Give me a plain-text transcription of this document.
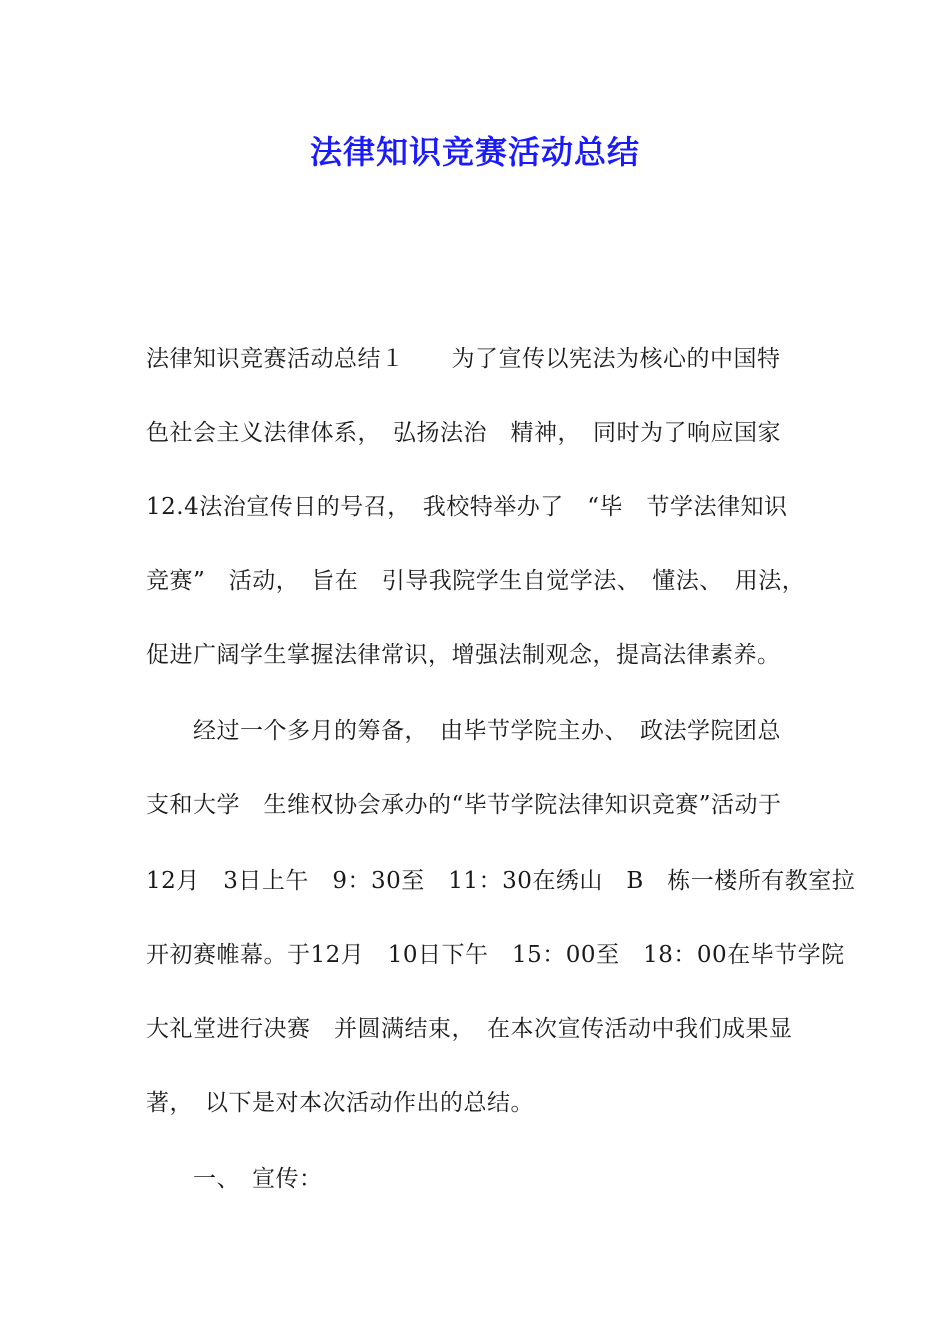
法律知识竞赛活动总结
法律知识竞赛活动总结１　　为了宣传以宪法为核心的中国特
色社会主义法律体系，　弘扬法治　精神，　同时为了响应国家
12.4法治宣传日的号召，　我校特举办了　“毕　节学法律知识
竞赛”　活动，　旨在　引导我院学生自觉学法、　懂法、　用法，
促进广阔学生掌握法律常识，增强法制观念，提高法律素养。
　　经过一个多月的筹备，　由毕节学院主办、　政法学院团总
支和大学　生维权协会承办的“毕节学院法律知识竞赛”活动于
12月　3日上午　9：30至　11：30在绣山　B　栋一楼所有教室拉
开初赛帷幕。于12月　10日下午　15：00至　18：00在毕节学院
大礼堂进行决赛　并圆满结束，　在本次宣传活动中我们成果显
著，　以下是对本次活动作出的总结。
　　一、　宣传：
